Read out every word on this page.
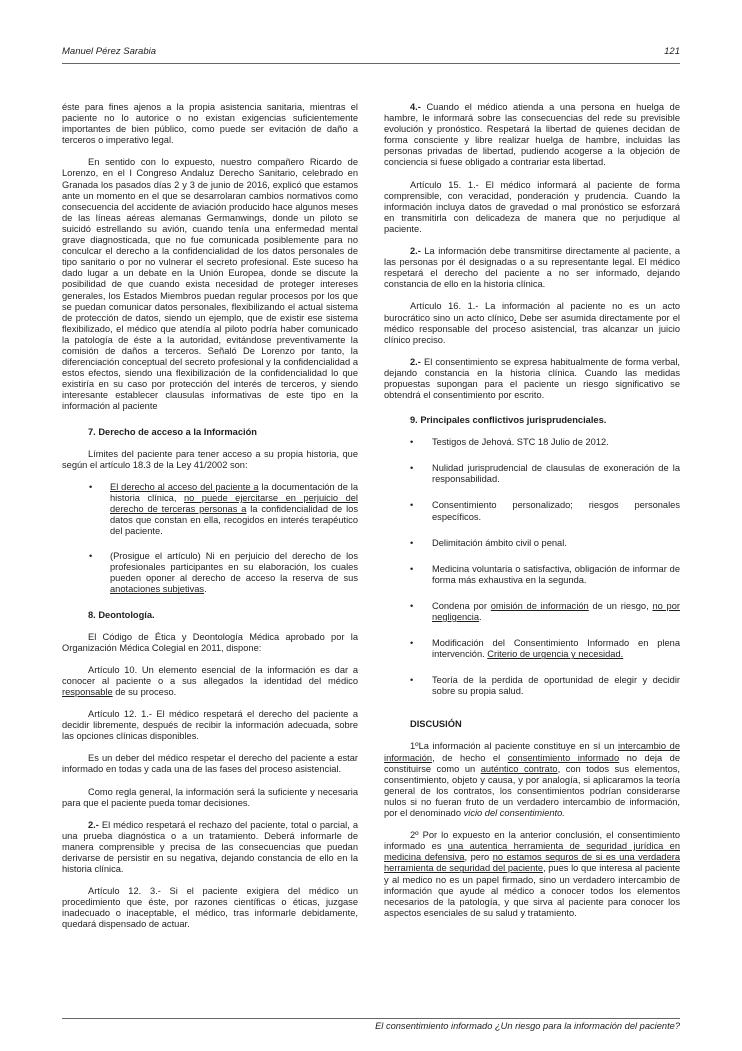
Manuel Pérez Sarabia	121

éste para fines ajenos a la propia asistencia sanitaria, mientras el paciente no lo autorice o no existan exigencias suficientemente importantes de bien público, como puede ser evitación de daño a terceros o imperativo legal.

En sentido con lo expuesto, nuestro compañero Ricardo de Lorenzo, en el I Congreso Andaluz Derecho Sanitario, celebrado en Granada los pasados días 2 y 3 de junio de 2016, explicó que estamos ante un momento en el que se desarrolaran cambios normativos como consecuencia del accidente de aviación producido hace algunos meses de las líneas aéreas alemanas Germanwings, donde un piloto se suicidó estrellando su avión, cuando tenía una enfermedad mental grave diagnosticada, que no fue comunicada posiblemente para no conculcar el derecho a la confidencialidad de los datos personales de tipo sanitario o por no vulnerar el secreto profesional. Este suceso ha dado lugar a un debate en la Unión Europea, donde se discute la posibilidad de que cuando exista necesidad de proteger intereses generales, los Estados Miembros puedan regular procesos por los que se puedan comunicar datos personales, flexibilizando el actual sistema de protección de datos, siendo un ejemplo, que de existir ese sistema flexibilizado, el médico que atendía al piloto podría haber comunicado la patología de éste a la autoridad, evitándose preventivamente la comisión de daños a terceros. Señaló De Lorenzo por tanto, la diferenciación conceptual del secreto profesional y la confidencialidad a estos efectos, siendo una flexibilización de la confidencialidad lo que existiría en su caso por protección del interés de terceros, y siendo interesante establecer clausulas informativas de este tipo en la información al paciente

7. Derecho de acceso a la Información

Límites del paciente para tener acceso a su propia historia, que según el artículo 18.3 de la Ley 41/2002 son:

• El derecho al acceso del paciente a la documentación de la historia clínica, no puede ejercitarse en perjuicio del derecho de terceras personas a la confidencialidad de los datos que constan en ella, recogidos en interés terapéutico del paciente.
• (Prosigue el artículo) Ni en perjuicio del derecho de los profesionales participantes en su elaboración, los cuales pueden oponer al derecho de acceso la reserva de sus anotaciones subjetivas.
8. Deontología.

El Código de Ética y Deontología Médica aprobado por la Organización Médica Colegial en 2011, dispone:

Artículo 10. Un elemento esencial de la información es dar a conocer al paciente o a sus allegados la identidad del médico responsable de su proceso.

Artículo 12. 1.- El médico respetará el derecho del paciente a decidir libremente, después de recibir la información adecuada, sobre las opciones clínicas disponibles.

Es un deber del médico respetar el derecho del paciente a estar informado en todas y cada una de las fases del proceso asistencial.

Como regla general, la información será la suficiente y necesaria para que el paciente pueda tomar decisiones.

2.- El médico respetará el rechazo del paciente, total o parcial, a una prueba diagnóstica o a un tratamiento. Deberá informarle de manera comprensible y precisa de las consecuencias que puedan derivarse de persistir en su negativa, dejando constancia de ello en la historia clínica.

Artículo 12. 3.- Si el paciente exigiera del médico un procedimiento que éste, por razones científicas o éticas, juzgase inadecuado o inaceptable, el médico, tras informarle debidamente, quedará dispensado de actuar.

4.- Cuando el médico atienda a una persona en huelga de hambre, le informará sobre las consecuencias del rede su previsible evolución y pronóstico. Respetará la libertad de quienes decidan de forma consciente y libre realizar huelga de hambre, incluidas las personas privadas de libertad, pudiendo acogerse a la objeción de conciencia si fuese obligado a contrariar esta libertad.

Artículo 15. 1.- El médico informará al paciente de forma comprensible, con veracidad, ponderación y prudencia. Cuando la información incluya datos de gravedad o mal pronóstico se esforzará en transmitirla con delicadeza de manera que no perjudique al paciente.

2.- La información debe transmitirse directamente al paciente, a las personas por él designadas o a su representante legal. El médico respetará el derecho del paciente a no ser informado, dejando constancia de ello en la historia clínica.

Artículo 16. 1.- La información al paciente no es un acto burocrático sino un acto clínico. Debe ser asumida directamente por el médico responsable del proceso asistencial, tras alcanzar un juicio clínico preciso.

2.- El consentimiento se expresa habitualmente de forma verbal, dejando constancia en la historia clínica. Cuando las medidas propuestas supongan para el paciente un riesgo significativo se obtendrá el consentimiento por escrito.

9. Principales conflictivos jurisprudenciales.
• Testigos de Jehová. STC 18 Julio de 2012.
• Nulidad jurisprudencial de clausulas de exoneración de la responsabilidad.
• Consentimiento personalizado; riesgos personales específicos.
• Delimitación ámbito civil o penal.
• Medicina voluntaria o satisfactiva, obligación de informar de forma más exhaustiva en la segunda.
• Condena por omisión de información de un riesgo, no por negligencia.
• Modificación del Consentimiento Informado en plena intervención. Criterio de urgencia y necesidad.
• Teoría de la perdida de oportunidad de elegir y decidir sobre su propia salud.
DISCUSIÓN

1ºLa información al paciente constituye en sí un intercambio de información, de hecho el consentimiento informado no deja de constituirse como un auténtico contrato, con todos sus elementos, consentimiento, objeto y causa, y por analogía, si aplicaramos la teoría general de los contratos, los consentimientos podrían considerarse nulos si no fueran fruto de un verdadero intercambio de información, por el denominado vicio del consentimiento.

2º Por lo expuesto en la anterior conclusión, el consentimiento informado es una autentica herramienta de seguridad jurídica en medicina defensiva, pero no estamos seguros de si es una verdadera herramienta de seguridad del paciente, pues lo que interesa al paciente y al medico no es un papel firmado, sino un verdadero intercambio de información que ayude al médico a conocer todos los elementos necesarios de la patología, y que sirva al paciente para conocer los aspectos esenciales de su salud y tratamiento.

El consentimiento informado ¿Un riesgo para la información del paciente?
